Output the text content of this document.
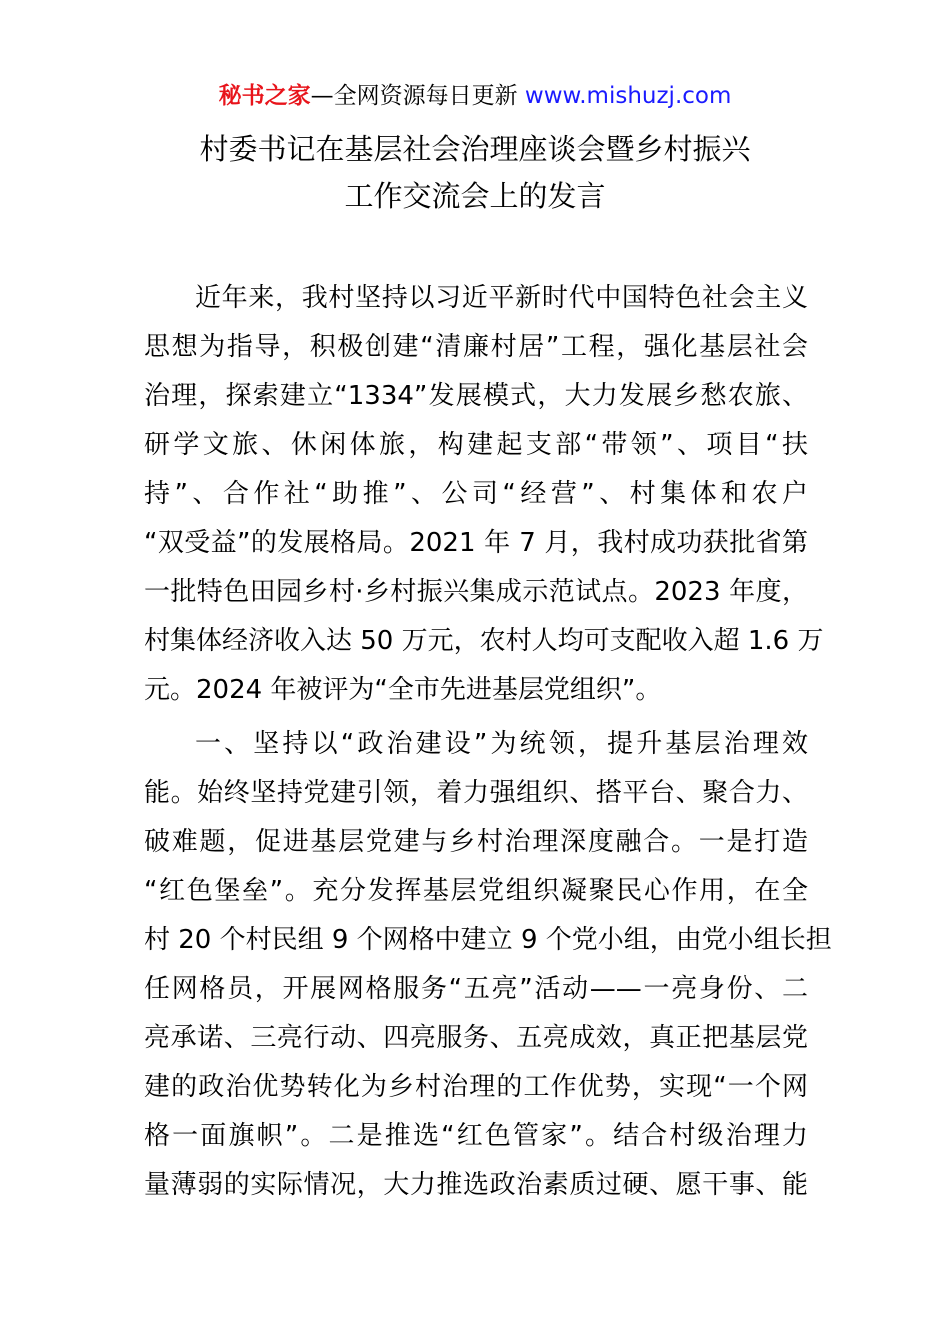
秘书之家—全网资源每日更新 www.mishuzj.com
村委书记在基层社会治理座谈会暨乡村振兴
工作交流会上的发言
近年来，我村坚持以习近平新时代中国特色社会主义
思想为指导，积极创建“清廉村居”工程，强化基层社会
治理，探索建立“1334”发展模式，大力发展乡愁农旅、
研学文旅、休闲体旅，构建起支部“带领”、项目“扶
持”、合作社“助推”、公司“经营”、村集体和农户
“双受益”的发展格局。2021 年 7 月，我村成功获批省第
一批特色田园乡村·乡村振兴集成示范试点。2023 年度，
村集体经济收入达 50 万元，农村人均可支配收入超 1.6 万
元。2024 年被评为“全市先进基层党组织”。
一、坚持以“政治建设”为统领，提升基层治理效
能。始终坚持党建引领，着力强组织、搭平台、聚合力、
破难题，促进基层党建与乡村治理深度融合。一是打造
“红色堡垒”。充分发挥基层党组织凝聚民心作用，在全
村 20 个村民组 9 个网格中建立 9 个党小组，由党小组长担
任网格员，开展网格服务“五亮”活动——一亮身份、二
亮承诺、三亮行动、四亮服务、五亮成效，真正把基层党
建的政治优势转化为乡村治理的工作优势，实现“一个网
格一面旗帜”。二是推选“红色管家”。结合村级治理力
量薄弱的实际情况，大力推选政治素质过硬、愿干事、能
